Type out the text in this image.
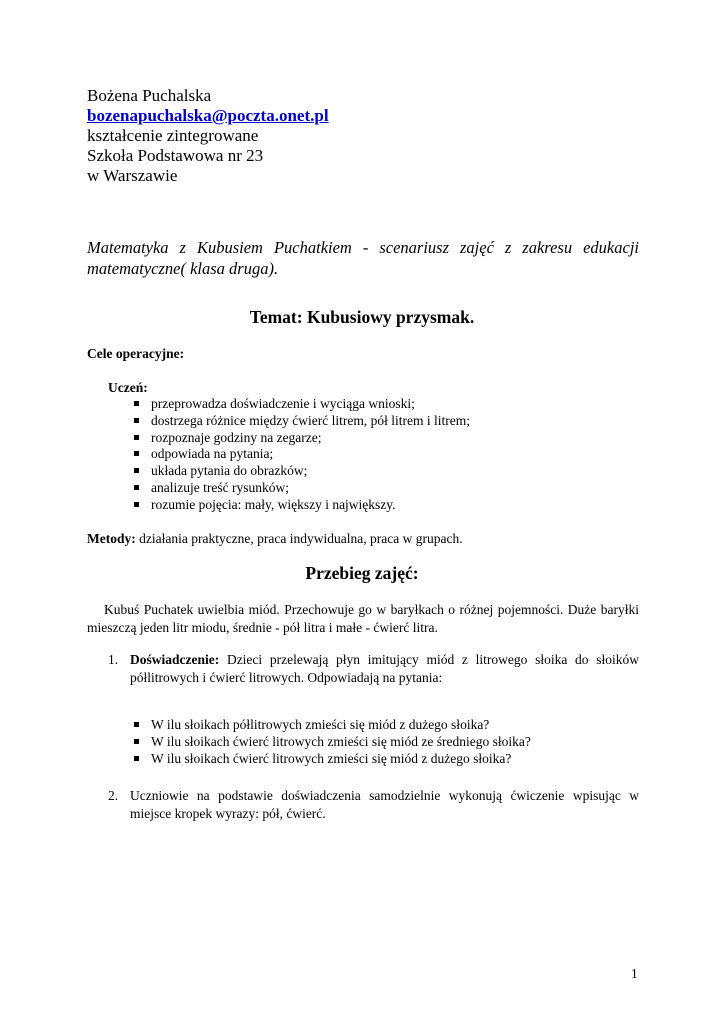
Bożena Puchalska
bozenapuchalska@poczta.onet.pl
kształcenie zintegrowane
Szkoła Podstawowa nr 23
w Warszawie
Matematyka z Kubusiem Puchatkiem - scenariusz zajęć z zakresu edukacji matematyczne( klasa druga).
Temat: Kubusiowy przysmak.
Cele operacyjne:
Uczeń:
przeprowadza doświadczenie i wyciąga wnioski;
dostrzega różnice między ćwierć litrem, pół litrem i litrem;
rozpoznaje godziny na zegarze;
odpowiada na pytania;
układa pytania do obrazków;
analizuje treść rysunków;
rozumie pojęcia: mały, większy i największy.
Metody: działania praktyczne, praca indywidualna, praca w grupach.
Przebieg zajęć:
Kubuś Puchatek uwielbia miód. Przechowuje go w baryłkach o różnej pojemności. Duże baryłki mieszczą jeden litr miodu, średnie - pół litra i małe - ćwierć litra.
1. Doświadczenie: Dzieci przelewają płyn imitujący miód z litrowego słoika do słoików półlitrowych i ćwierć litrowych. Odpowiadają na pytania:
W ilu słoikach półlitrowych zmieści się miód z dużego słoika?
W ilu słoikach ćwierć litrowych zmieści się miód ze średniego słoika?
W ilu słoikach ćwierć litrowych zmieści się miód z dużego słoika?
2. Uczniowie na podstawie doświadczenia samodzielnie wykonują ćwiczenie wpisując w miejsce kropek wyrazy: pół, ćwierć.
1
